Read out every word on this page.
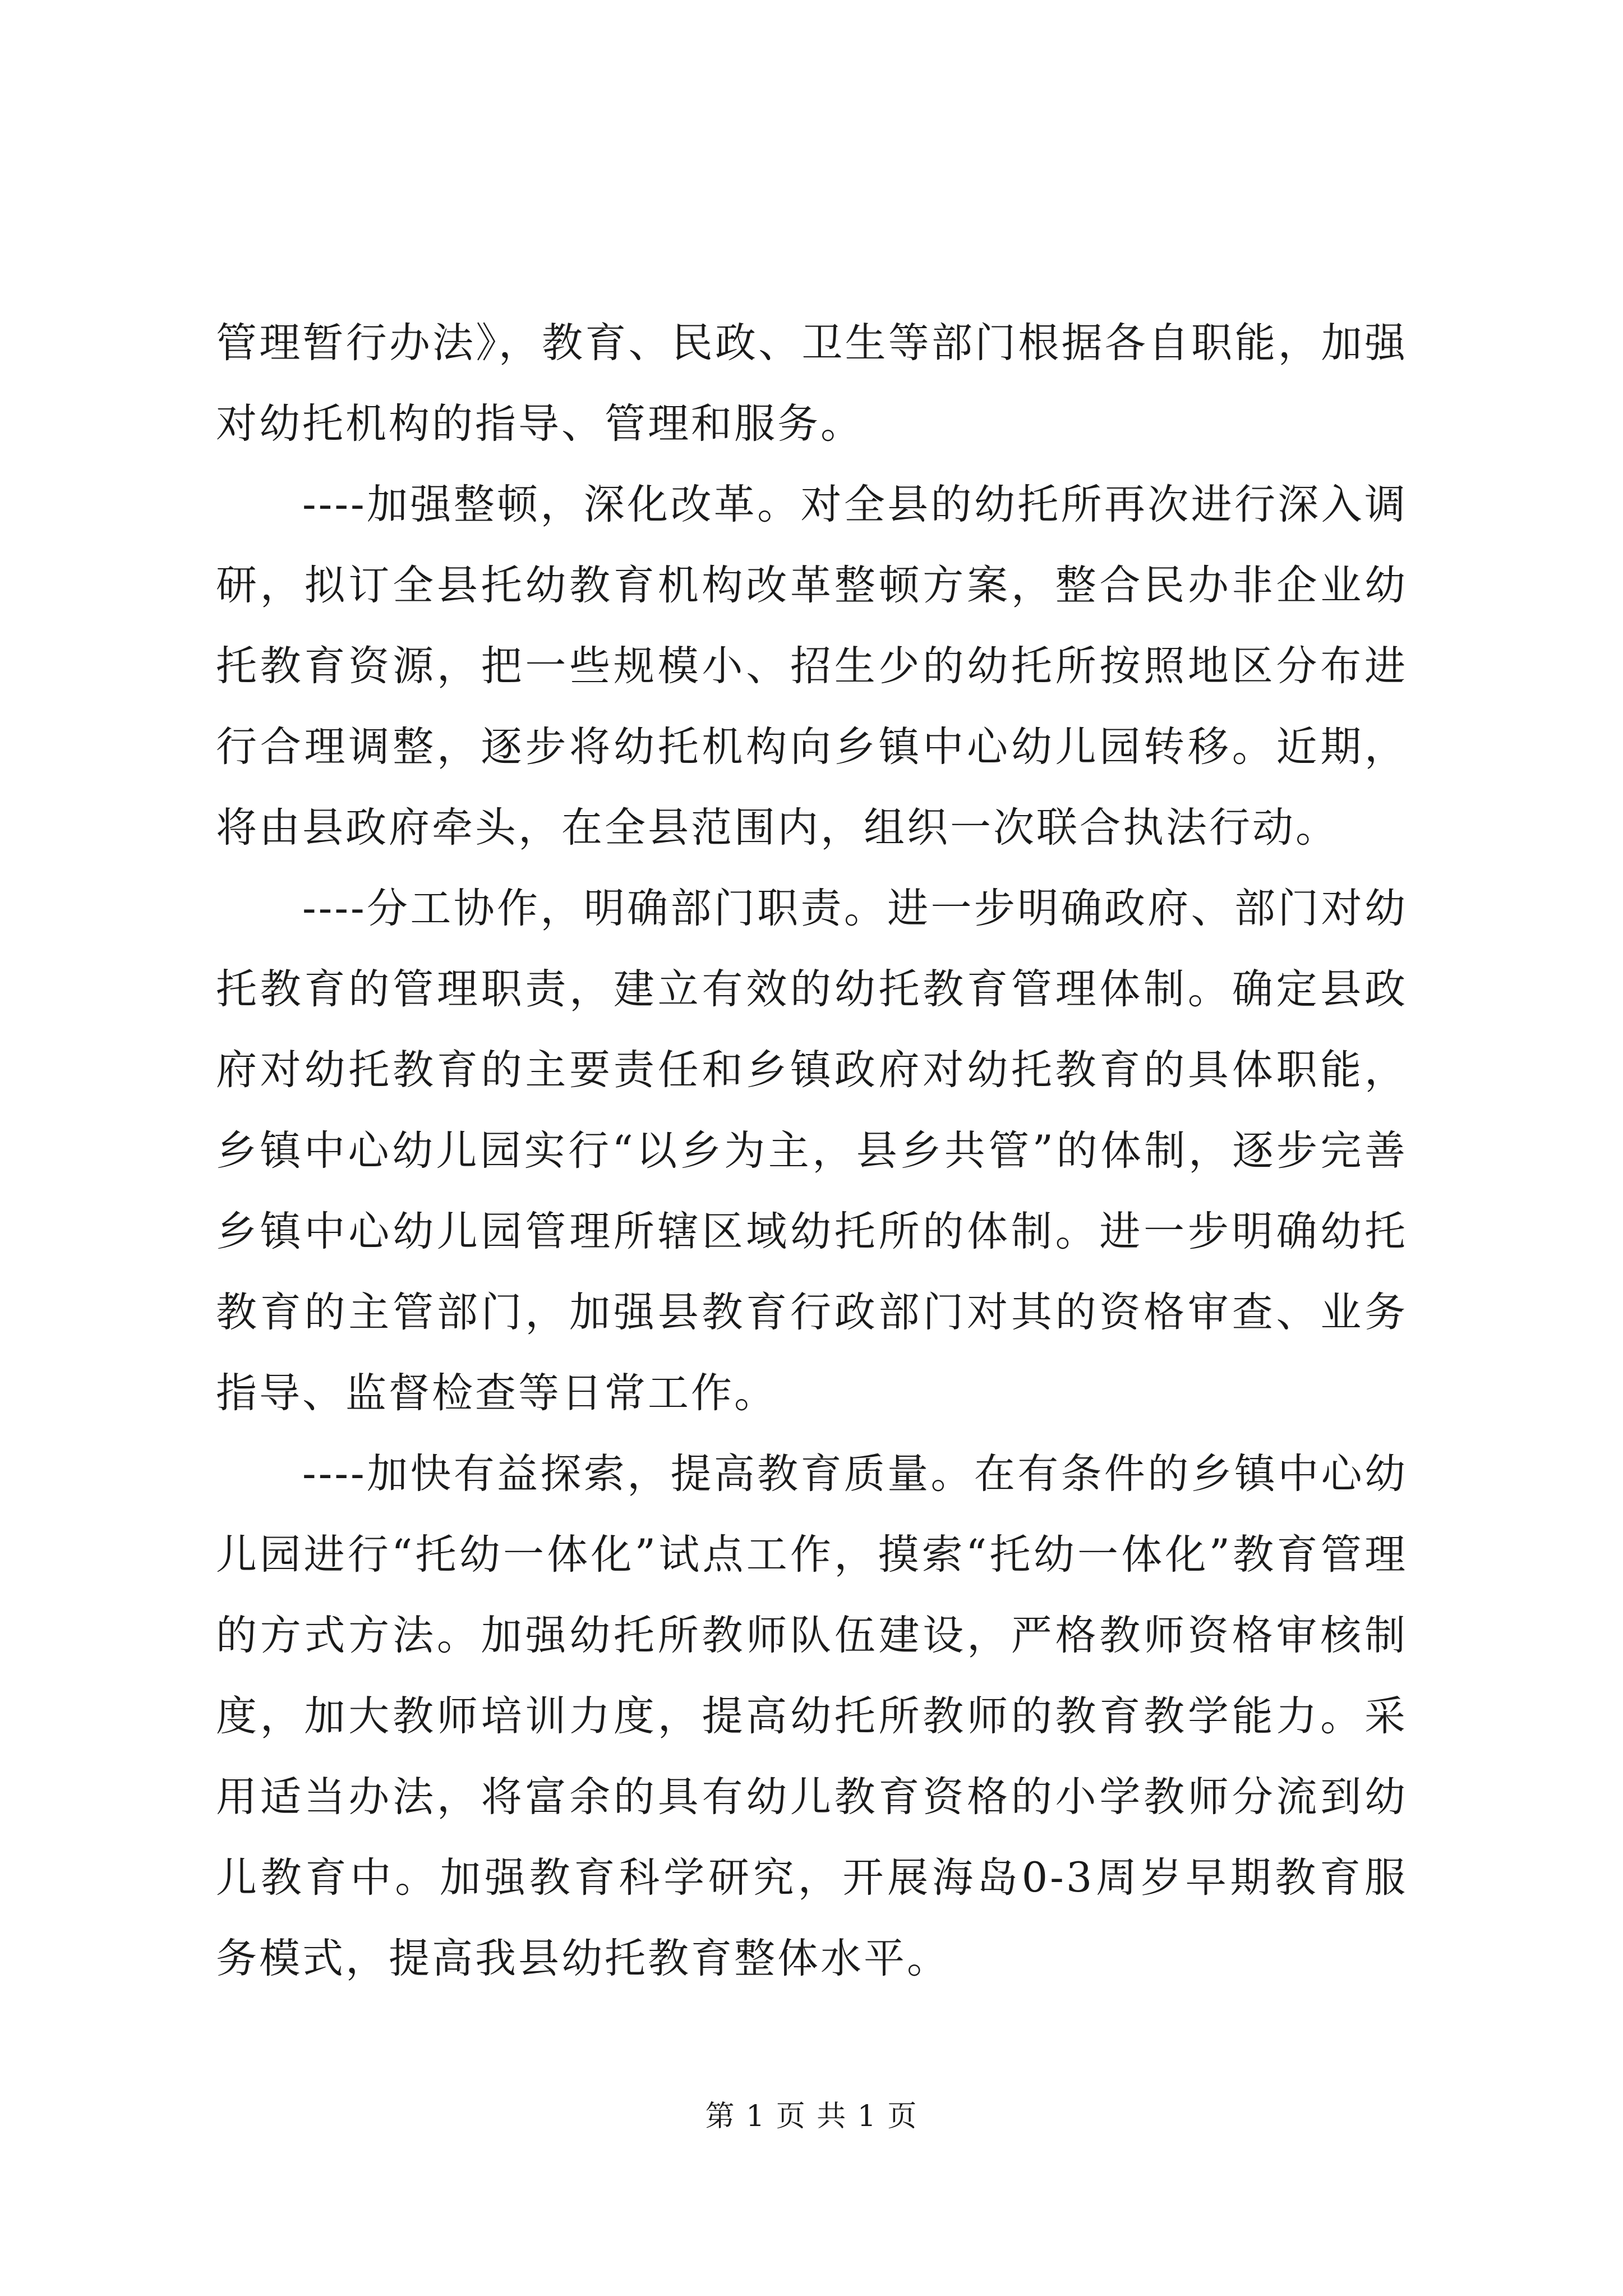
管理暂行办法》，教育、民政、卫生等部门根据各自职能，加强对幼托机构的指导、管理和服务。

----加强整顿，深化改革。对全县的幼托所再次进行深入调研，拟订全县托幼教育机构改革整顿方案，整合民办非企业幼托教育资源，把一些规模小、招生少的幼托所按照地区分布进行合理调整，逐步将幼托机构向乡镇中心幼儿园转移。近期，将由县政府牵头，在全县范围内，组织一次联合执法行动。

----分工协作，明确部门职责。进一步明确政府、部门对幼托教育的管理职责，建立有效的幼托教育管理体制。确定县政府对幼托教育的主要责任和乡镇政府对幼托教育的具体职能，乡镇中心幼儿园实行“以乡为主，县乡共管”的体制，逐步完善乡镇中心幼儿园管理所辖区域幼托所的体制。进一步明确幼托教育的主管部门，加强县教育行政部门对其的资格审查、业务指导、监督检查等日常工作。

----加快有益探索，提高教育质量。在有条件的乡镇中心幼儿园进行“托幼一体化”试点工作，摸索“托幼一体化”教育管理的方式方法。加强幼托所教师队伍建设，严格教师资格审核制度，加大教师培训力度，提高幼托所教师的教育教学能力。采用适当办法，将富余的具有幼儿教育资格的小学教师分流到幼儿教育中。加强教育科学研究，开展海岛0-3周岁早期教育服务模式，提高我县幼托教育整体水平。

第 1 页 共 1 页
